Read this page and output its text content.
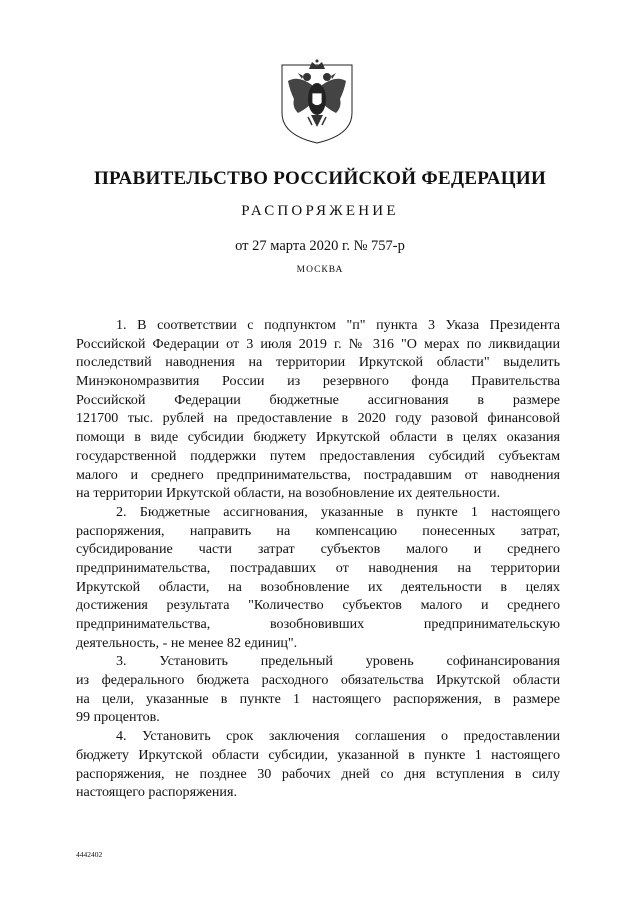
ПРАВИТЕЛЬСТВО РОССИЙСКОЙ ФЕДЕРАЦИИ
РАСПОРЯЖЕНИЕ
от 27 марта 2020 г. № 757-р
МОСКВА
1. В соответствии с подпунктом "п" пункта 3 Указа Президента
Российской Федерации от 3 июля 2019 г. № 316 "О мерах по ликвидации
последствий наводнения на территории Иркутской области" выделить
Минэкономразвития России из резервного фонда Правительства
Российской Федерации бюджетные ассигнования в размере
121700 тыс. рублей на предоставление в 2020 году разовой финансовой
помощи в виде субсидии бюджету Иркутской области в целях оказания
государственной поддержки путем предоставления субсидий субъектам
малого и среднего предпринимательства, пострадавшим от наводнения
на территории Иркутской области, на возобновление их деятельности.
2. Бюджетные ассигнования, указанные в пункте 1 настоящего
распоряжения, направить на компенсацию понесенных затрат,
субсидирование части затрат субъектов малого и среднего
предпринимательства, пострадавших от наводнения на территории
Иркутской области, на возобновление их деятельности в целях
достижения результата "Количество субъектов малого и среднего
предпринимательства, возобновивших предпринимательскую
деятельность, - не менее 82 единиц".
3. Установить предельный уровень софинансирования
из федерального бюджета расходного обязательства Иркутской области
на цели, указанные в пункте 1 настоящего распоряжения, в размере
99 процентов.
4. Установить срок заключения соглашения о предоставлении
бюджету Иркутской области субсидии, указанной в пункте 1 настоящего
распоряжения, не позднее 30 рабочих дней со дня вступления в силу
настоящего распоряжения.
4442402
